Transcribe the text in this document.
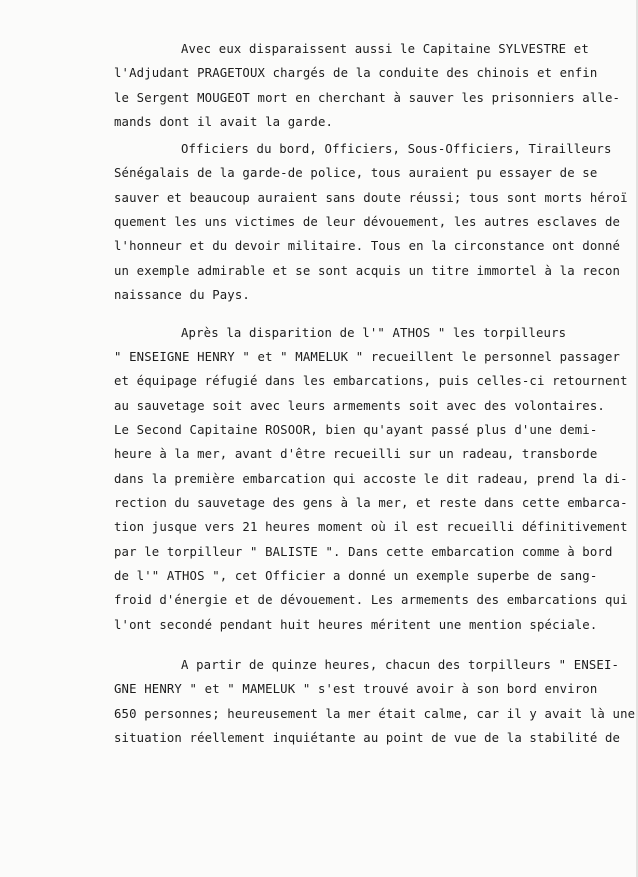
Avec eux disparaissent aussi le Capitaine SYLVESTRE et

l'Adjudant PRAGETOUX chargés de la conduite des chinois et enfin

le Sergent MOUGEOT mort en cherchant à sauver les prisonniers alle-

mands dont il avait la garde.

Officiers du bord, Officiers, Sous-Officiers, Tirailleurs

Sénégalais de la garde-de police, tous auraient pu essayer de se

sauver et beaucoup auraient sans doute réussi; tous sont morts héroï

quement les uns victimes de leur dévouement, les autres esclaves de

l'honneur et du devoir militaire. Tous en la circonstance ont donné

un exemple admirable et se sont acquis un titre immortel à la recon

naissance du Pays.

Après la disparition de l'" ATHOS " les torpilleurs

" ENSEIGNE HENRY " et " MAMELUK " recueillent le personnel passager

et équipage réfugié dans les embarcations, puis celles-ci retournent

au sauvetage soit avec leurs armements soit avec des volontaires.

Le Second Capitaine ROSOOR, bien qu'ayant passé plus d'une demi-

heure à la mer, avant d'être recueilli sur un radeau, transborde

dans la première embarcation qui accoste le dit radeau, prend la di-

rection du sauvetage des gens à la mer, et reste dans cette embarca-

tion jusque vers 21 heures moment où il est recueilli définitivement

par le torpilleur " BALISTE ". Dans cette embarcation comme à bord

de l'" ATHOS ", cet Officier a donné un exemple superbe de sang-

froid d'énergie et de dévouement. Les armements des embarcations qui

l'ont secondé pendant huit heures méritent une mention spéciale.

A partir de quinze heures, chacun des torpilleurs " ENSEI-

GNE HENRY " et " MAMELUK " s'est trouvé avoir à son bord environ

650 personnes; heureusement la mer était calme, car il y avait là une

situation réellement inquiétante au point de vue de la stabilité de
